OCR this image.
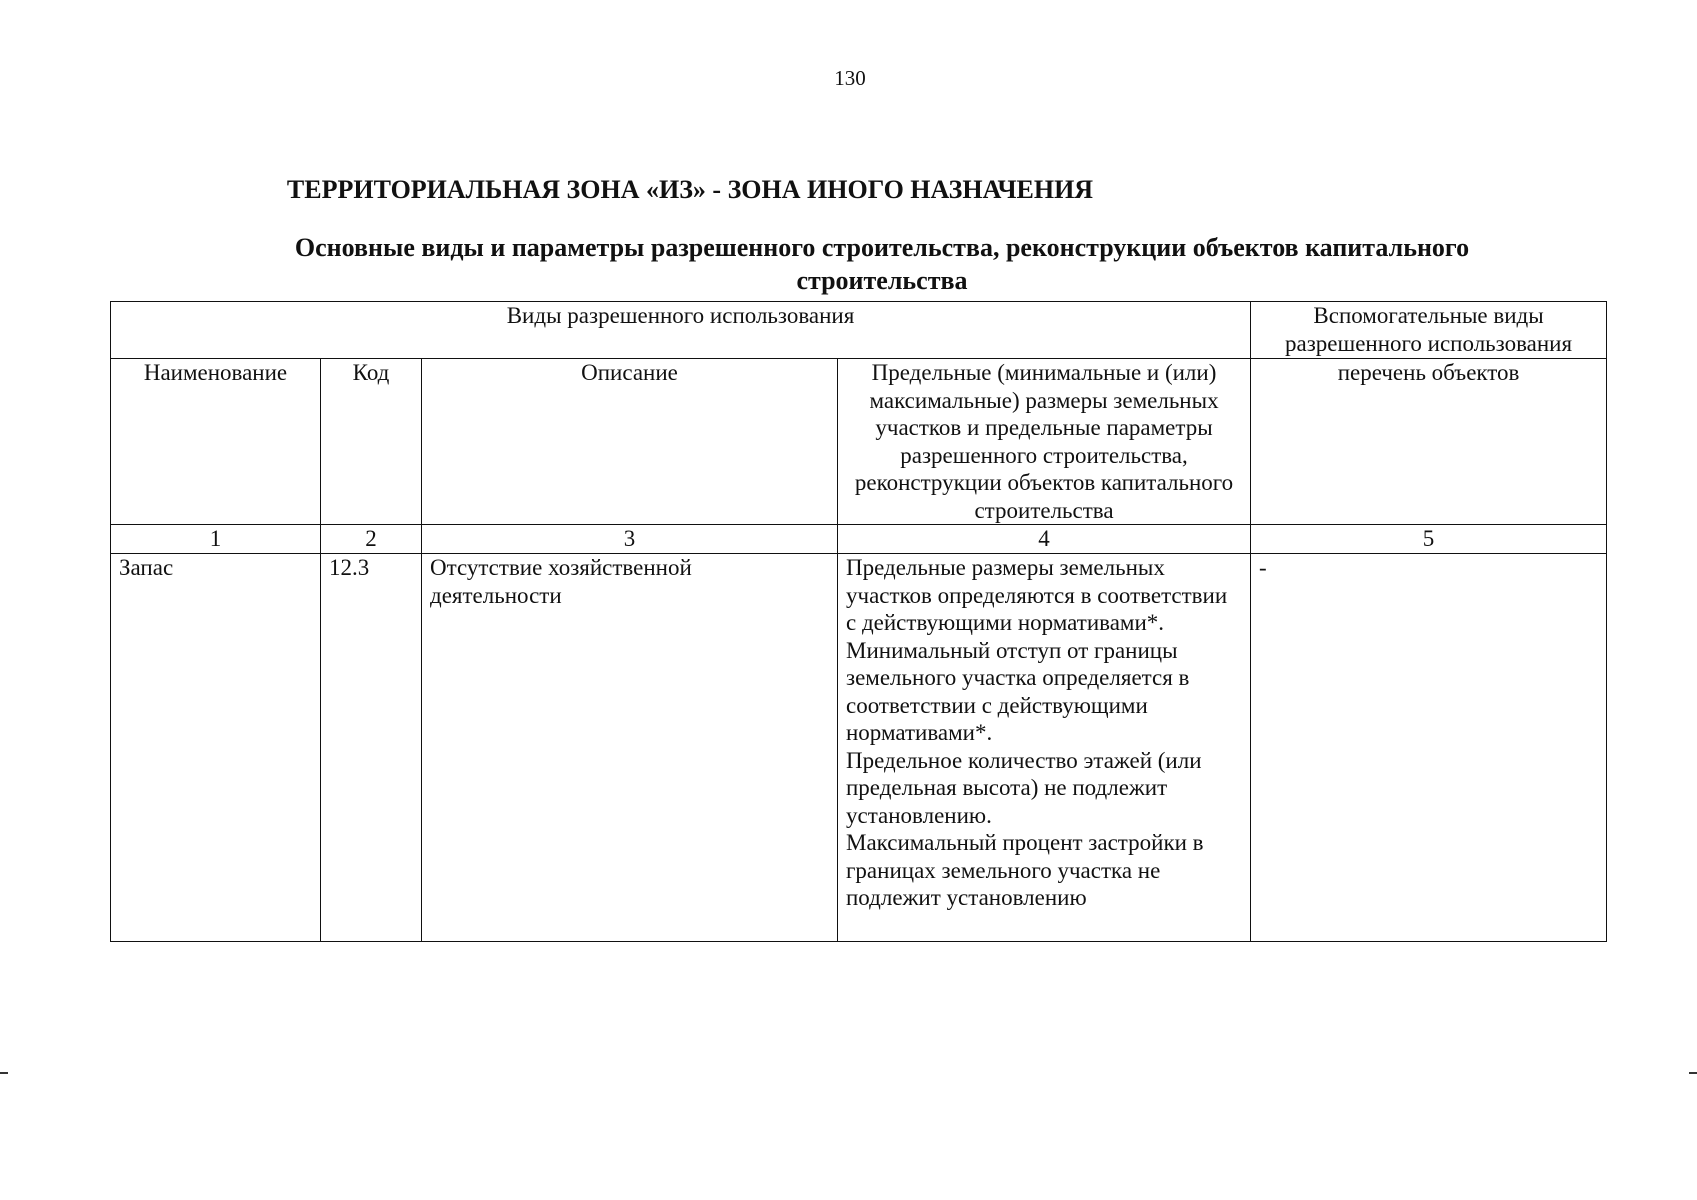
130
ТЕРРИТОРИАЛЬНАЯ ЗОНА «ИЗ» - ЗОНА ИНОГО НАЗНАЧЕНИЯ
Основные виды и параметры разрешенного строительства, реконструкции объектов капитального строительства
Виды разрешенного использования				Вспомогательные виды разрешенного использования
Наименование	Код	Описание	Предельные (минимальные и (или) максимальные) размеры земельных участков и предельные параметры разрешенного строительства, реконструкции объектов капитального строительства	перечень объектов
1	2	3	4	5
Запас	12.3	Отсутствие хозяйственной деятельности	Предельные размеры земельных участков определяются в соответствии с действующими нормативами*.
Минимальный отступ от границы земельного участка определяется в соответствии с действующими нормативами*.
Предельное количество этажей (или предельная высота) не подлежит установлению.
Максимальный процент застройки в границах земельного участка не подлежит установлению	-
